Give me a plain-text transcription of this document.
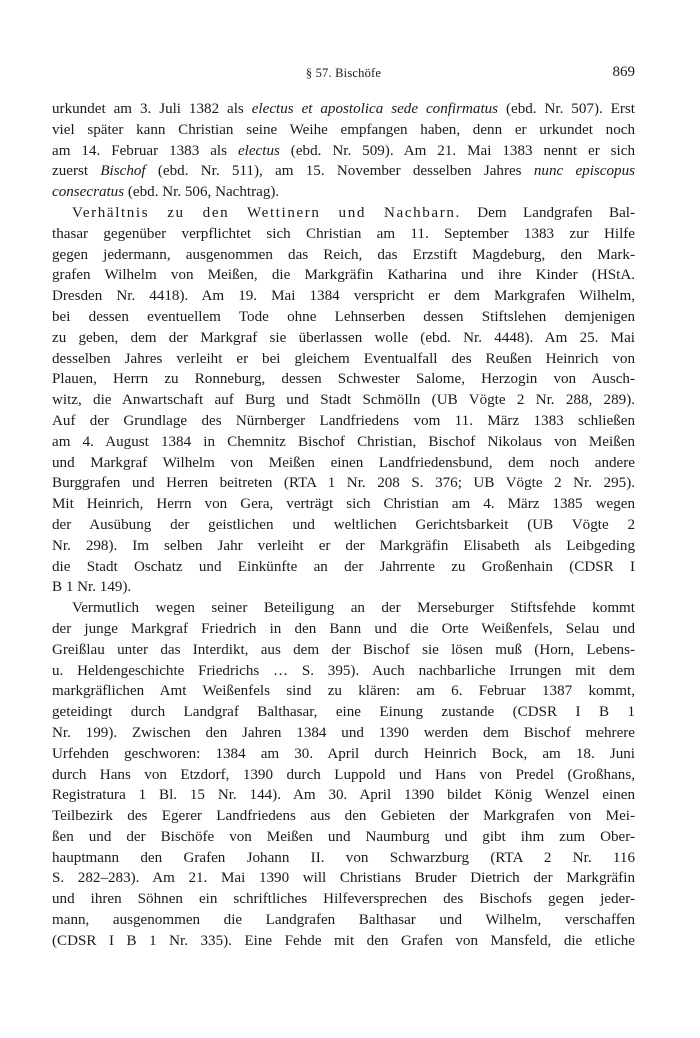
§ 57. Bischöfe	869
urkundet am 3. Juli 1382 als electus et apostolica sede confirmatus (ebd. Nr. 507). Erst
viel später kann Christian seine Weihe empfangen haben, denn er urkundet noch
am 14. Februar 1383 als electus (ebd. Nr. 509). Am 21. Mai 1383 nennt er sich
zuerst Bischof (ebd. Nr. 511), am 15. November desselben Jahres nunc episcopus
consecratus (ebd. Nr. 506, Nachtrag).
Verhältnis zu den Wettinern und Nachbarn. Dem Landgrafen Bal-
thasar gegenüber verpflichtet sich Christian am 11. September 1383 zur Hilfe
gegen jedermann, ausgenommen das Reich, das Erzstift Magdeburg, den Mark-
grafen Wilhelm von Meißen, die Markgräfin Katharina und ihre Kinder (HStA.
Dresden Nr. 4418). Am 19. Mai 1384 verspricht er dem Markgrafen Wilhelm,
bei dessen eventuellem Tode ohne Lehnserben dessen Stiftslehen demjenigen
zu geben, dem der Markgraf sie überlassen wolle (ebd. Nr. 4448). Am 25. Mai
desselben Jahres verleiht er bei gleichem Eventualfall des Reußen Heinrich von
Plauen, Herrn zu Ronneburg, dessen Schwester Salome, Herzogin von Ausch-
witz, die Anwartschaft auf Burg und Stadt Schmölln (UB Vögte 2 Nr. 288, 289).
Auf der Grundlage des Nürnberger Landfriedens vom 11. März 1383 schließen
am 4. August 1384 in Chemnitz Bischof Christian, Bischof Nikolaus von Meißen
und Markgraf Wilhelm von Meißen einen Landfriedensbund, dem noch andere
Burggrafen und Herren beitreten (RTA 1 Nr. 208 S. 376; UB Vögte 2 Nr. 295).
Mit Heinrich, Herrn von Gera, verträgt sich Christian am 4. März 1385 wegen
der Ausübung der geistlichen und weltlichen Gerichtsbarkeit (UB Vögte 2
Nr. 298). Im selben Jahr verleiht er der Markgräfin Elisabeth als Leibgeding
die Stadt Oschatz und Einkünfte an der Jahrrente zu Großenhain (CDSR I
B 1 Nr. 149).
Vermutlich wegen seiner Beteiligung an der Merseburger Stiftsfehde kommt
der junge Markgraf Friedrich in den Bann und die Orte Weißenfels, Selau und
Greißlau unter das Interdikt, aus dem der Bischof sie lösen muß (Horn, Lebens-
u. Heldengeschichte Friedrichs … S. 395). Auch nachbarliche Irrungen mit dem
markgräflichen Amt Weißenfels sind zu klären: am 6. Februar 1387 kommt,
geteidingt durch Landgraf Balthasar, eine Einung zustande (CDSR I B 1
Nr. 199). Zwischen den Jahren 1384 und 1390 werden dem Bischof mehrere
Urfehden geschworen: 1384 am 30. April durch Heinrich Bock, am 18. Juni
durch Hans von Etzdorf, 1390 durch Luppold und Hans von Predel (Großhans,
Registratura 1 Bl. 15 Nr. 144). Am 30. April 1390 bildet König Wenzel einen
Teilbezirk des Egerer Landfriedens aus den Gebieten der Markgrafen von Mei-
ßen und der Bischöfe von Meißen und Naumburg und gibt ihm zum Ober-
hauptmann den Grafen Johann II. von Schwarzburg (RTA 2 Nr. 116
S. 282–283). Am 21. Mai 1390 will Christians Bruder Dietrich der Markgräfin
und ihren Söhnen ein schriftliches Hilfeversprechen des Bischofs gegen jeder-
mann, ausgenommen die Landgrafen Balthasar und Wilhelm, verschaffen
(CDSR I B 1 Nr. 335). Eine Fehde mit den Grafen von Mansfeld, die etliche
